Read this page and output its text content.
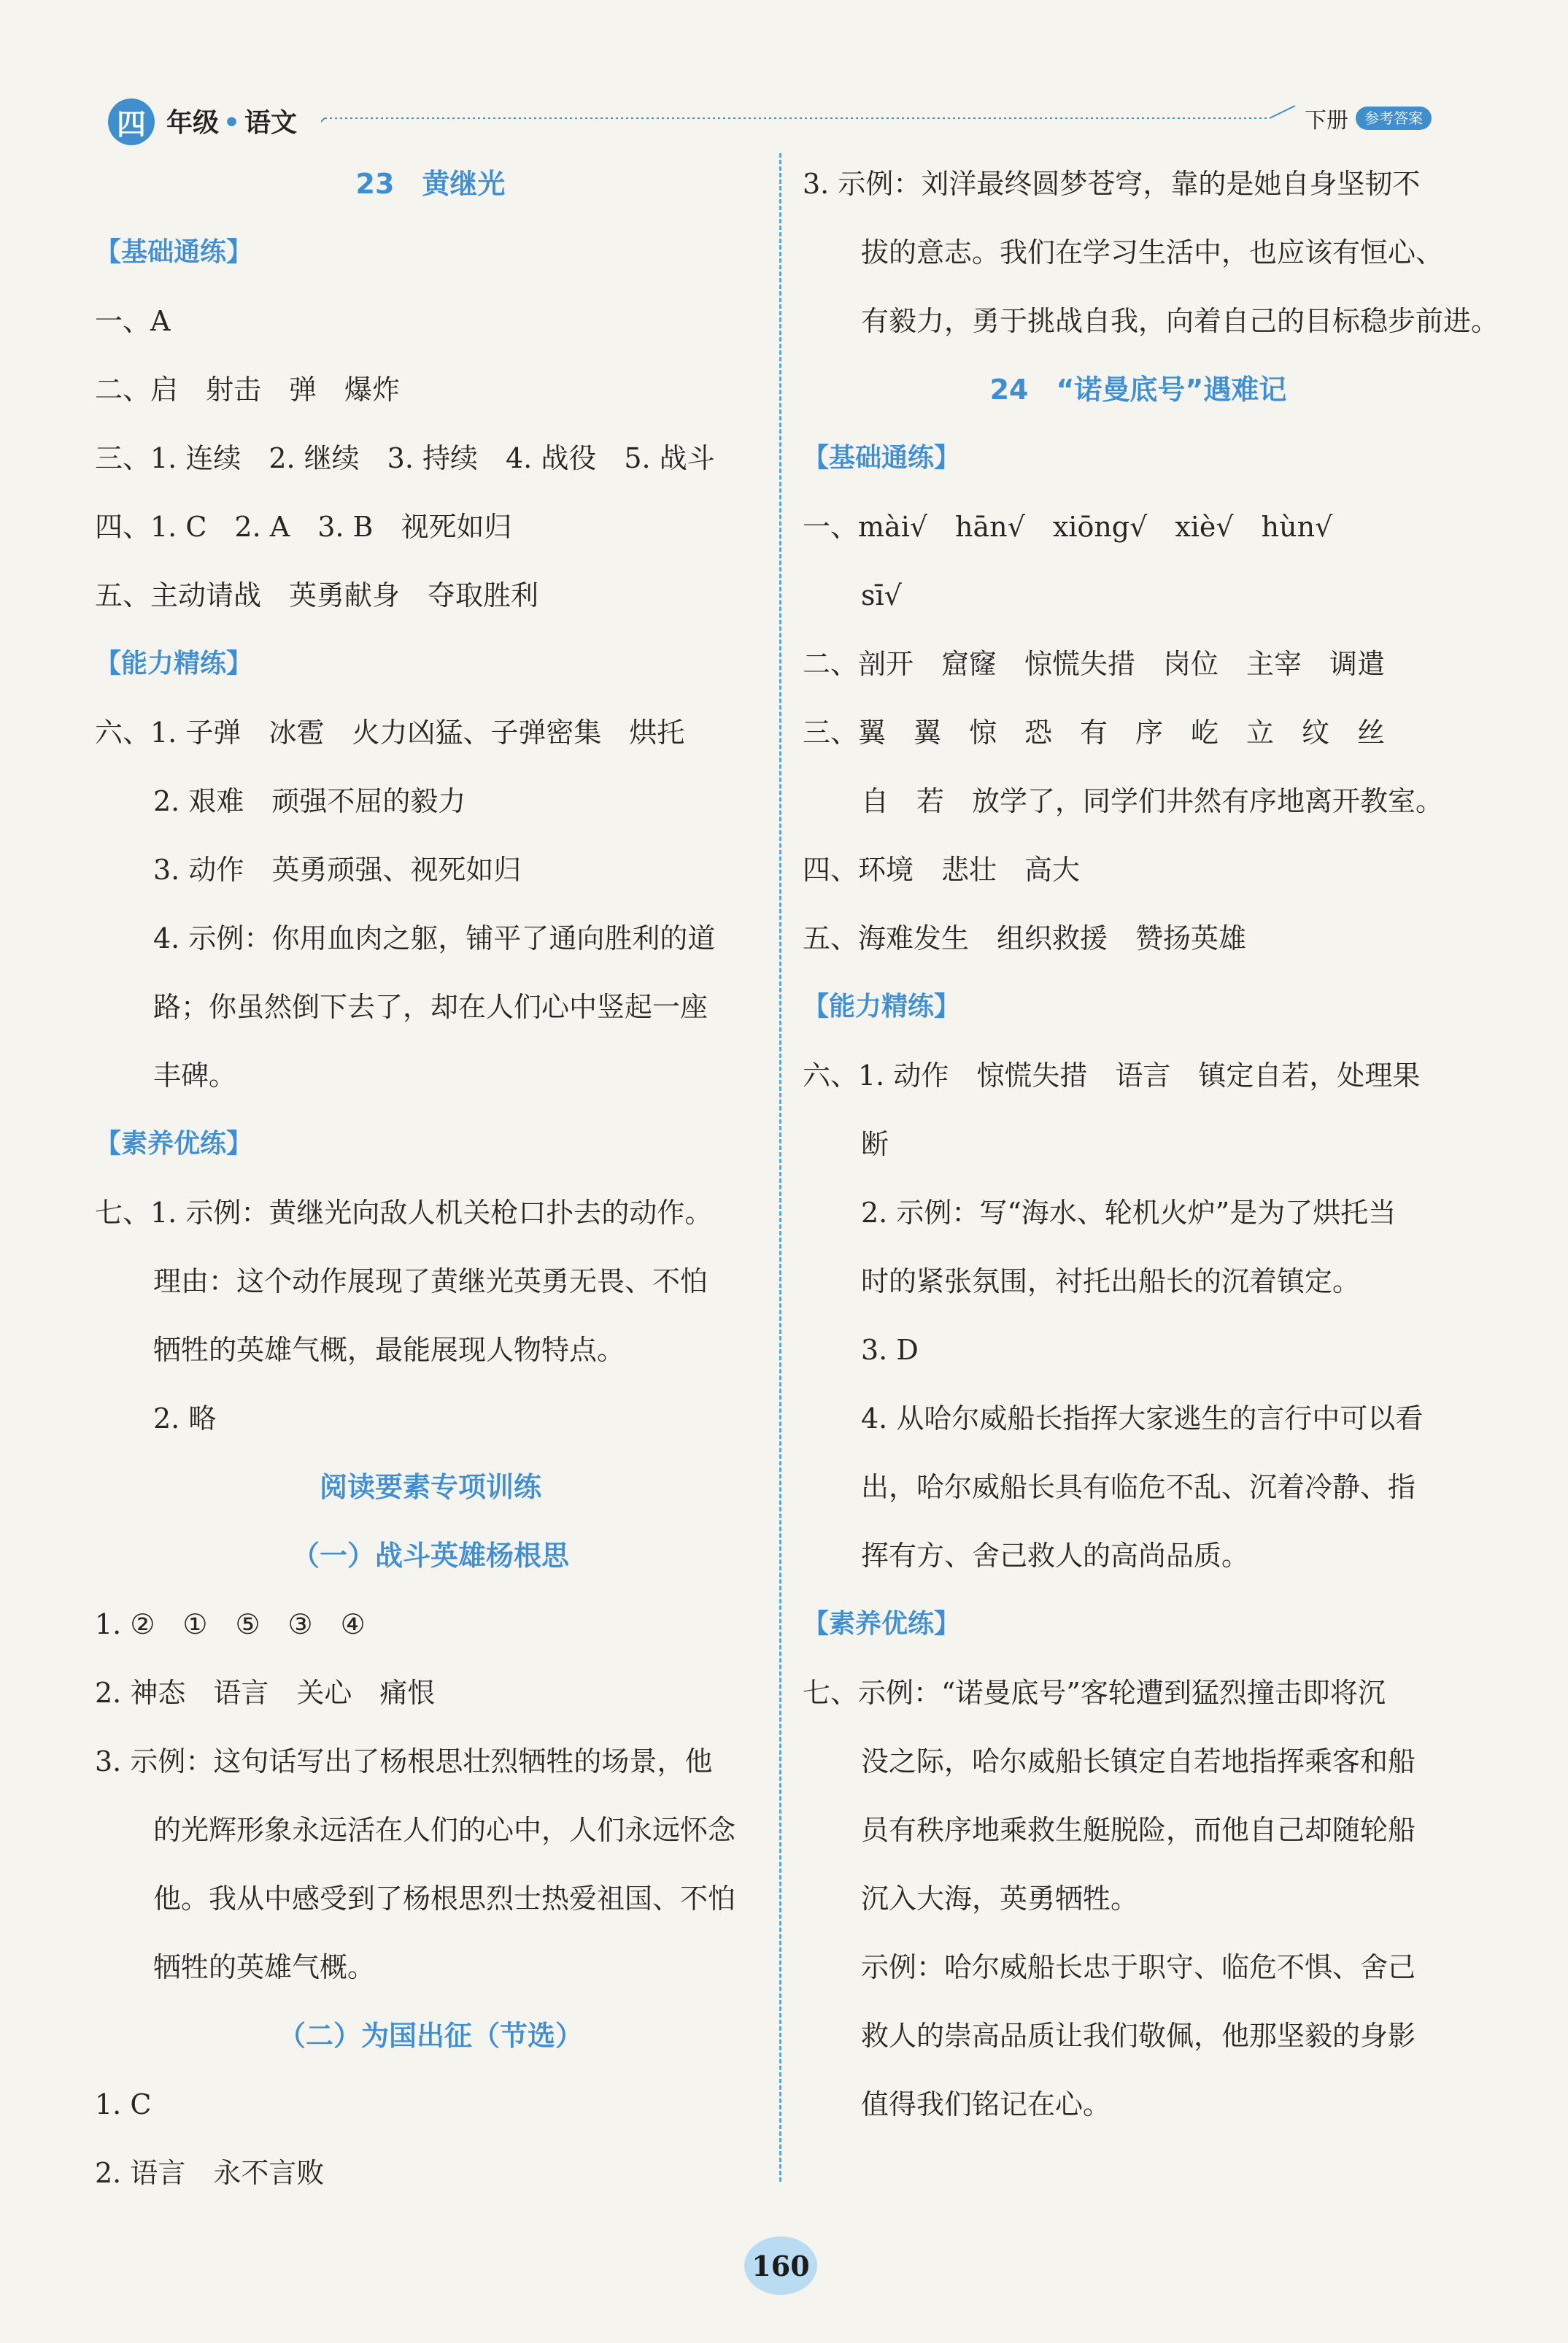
四 年级 • 语文	下册	参考答案
23　黄继光
【基础通练】
一、A
二、启　射击　弹　爆炸
三、1. 连续　2. 继续　3. 持续　4. 战役　5. 战斗
四、1. C　2. A　3. B　视死如归
五、主动请战　英勇献身　夺取胜利
【能力精练】
六、1. 子弹　冰雹　火力凶猛、子弹密集　烘托
2. 艰难　顽强不屈的毅力
3. 动作　英勇顽强、视死如归
4. 示例：你用血肉之躯，铺平了通向胜利的道
路；你虽然倒下去了，却在人们心中竖起一座
丰碑。
【素养优练】
七、1. 示例：黄继光向敌人机关枪口扑去的动作。
理由：这个动作展现了黄继光英勇无畏、不怕
牺牲的英雄气概，最能展现人物特点。
2. 略
阅读要素专项训练
（一）战斗英雄杨根思
1. ②　①　⑤　③　④
2. 神态　语言　关心　痛恨
3. 示例：这句话写出了杨根思壮烈牺牲的场景，他
的光辉形象永远活在人们的心中，人们永远怀念
他。我从中感受到了杨根思烈士热爱祖国、不怕
牺牲的英雄气概。
（二）为国出征（节选）
1. C
2. 语言　永不言败
3. 示例：刘洋最终圆梦苍穹，靠的是她自身坚韧不
拔的意志。我们在学习生活中，也应该有恒心、
有毅力，勇于挑战自我，向着自己的目标稳步前进。
24　“诺曼底号”遇难记
【基础通练】
一、mài√　hān√　xiōng√　xiè√　hùn√
sī√
二、剖开　窟窿　惊慌失措　岗位　主宰　调遣
三、翼　翼　惊　恐　有　序　屹　立　纹　丝
自　若　放学了，同学们井然有序地离开教室。
四、环境　悲壮　高大
五、海难发生　组织救援　赞扬英雄
【能力精练】
六、1. 动作　惊慌失措　语言　镇定自若，处理果
断
2. 示例：写“海水、轮机火炉”是为了烘托当
时的紧张氛围，衬托出船长的沉着镇定。
3. D
4. 从哈尔威船长指挥大家逃生的言行中可以看
出，哈尔威船长具有临危不乱、沉着冷静、指
挥有方、舍己救人的高尚品质。
【素养优练】
七、示例：“诺曼底号”客轮遭到猛烈撞击即将沉
没之际，哈尔威船长镇定自若地指挥乘客和船
员有秩序地乘救生艇脱险，而他自己却随轮船
沉入大海，英勇牺牲。
示例：哈尔威船长忠于职守、临危不惧、舍己
救人的崇高品质让我们敬佩，他那坚毅的身影
值得我们铭记在心。
160
